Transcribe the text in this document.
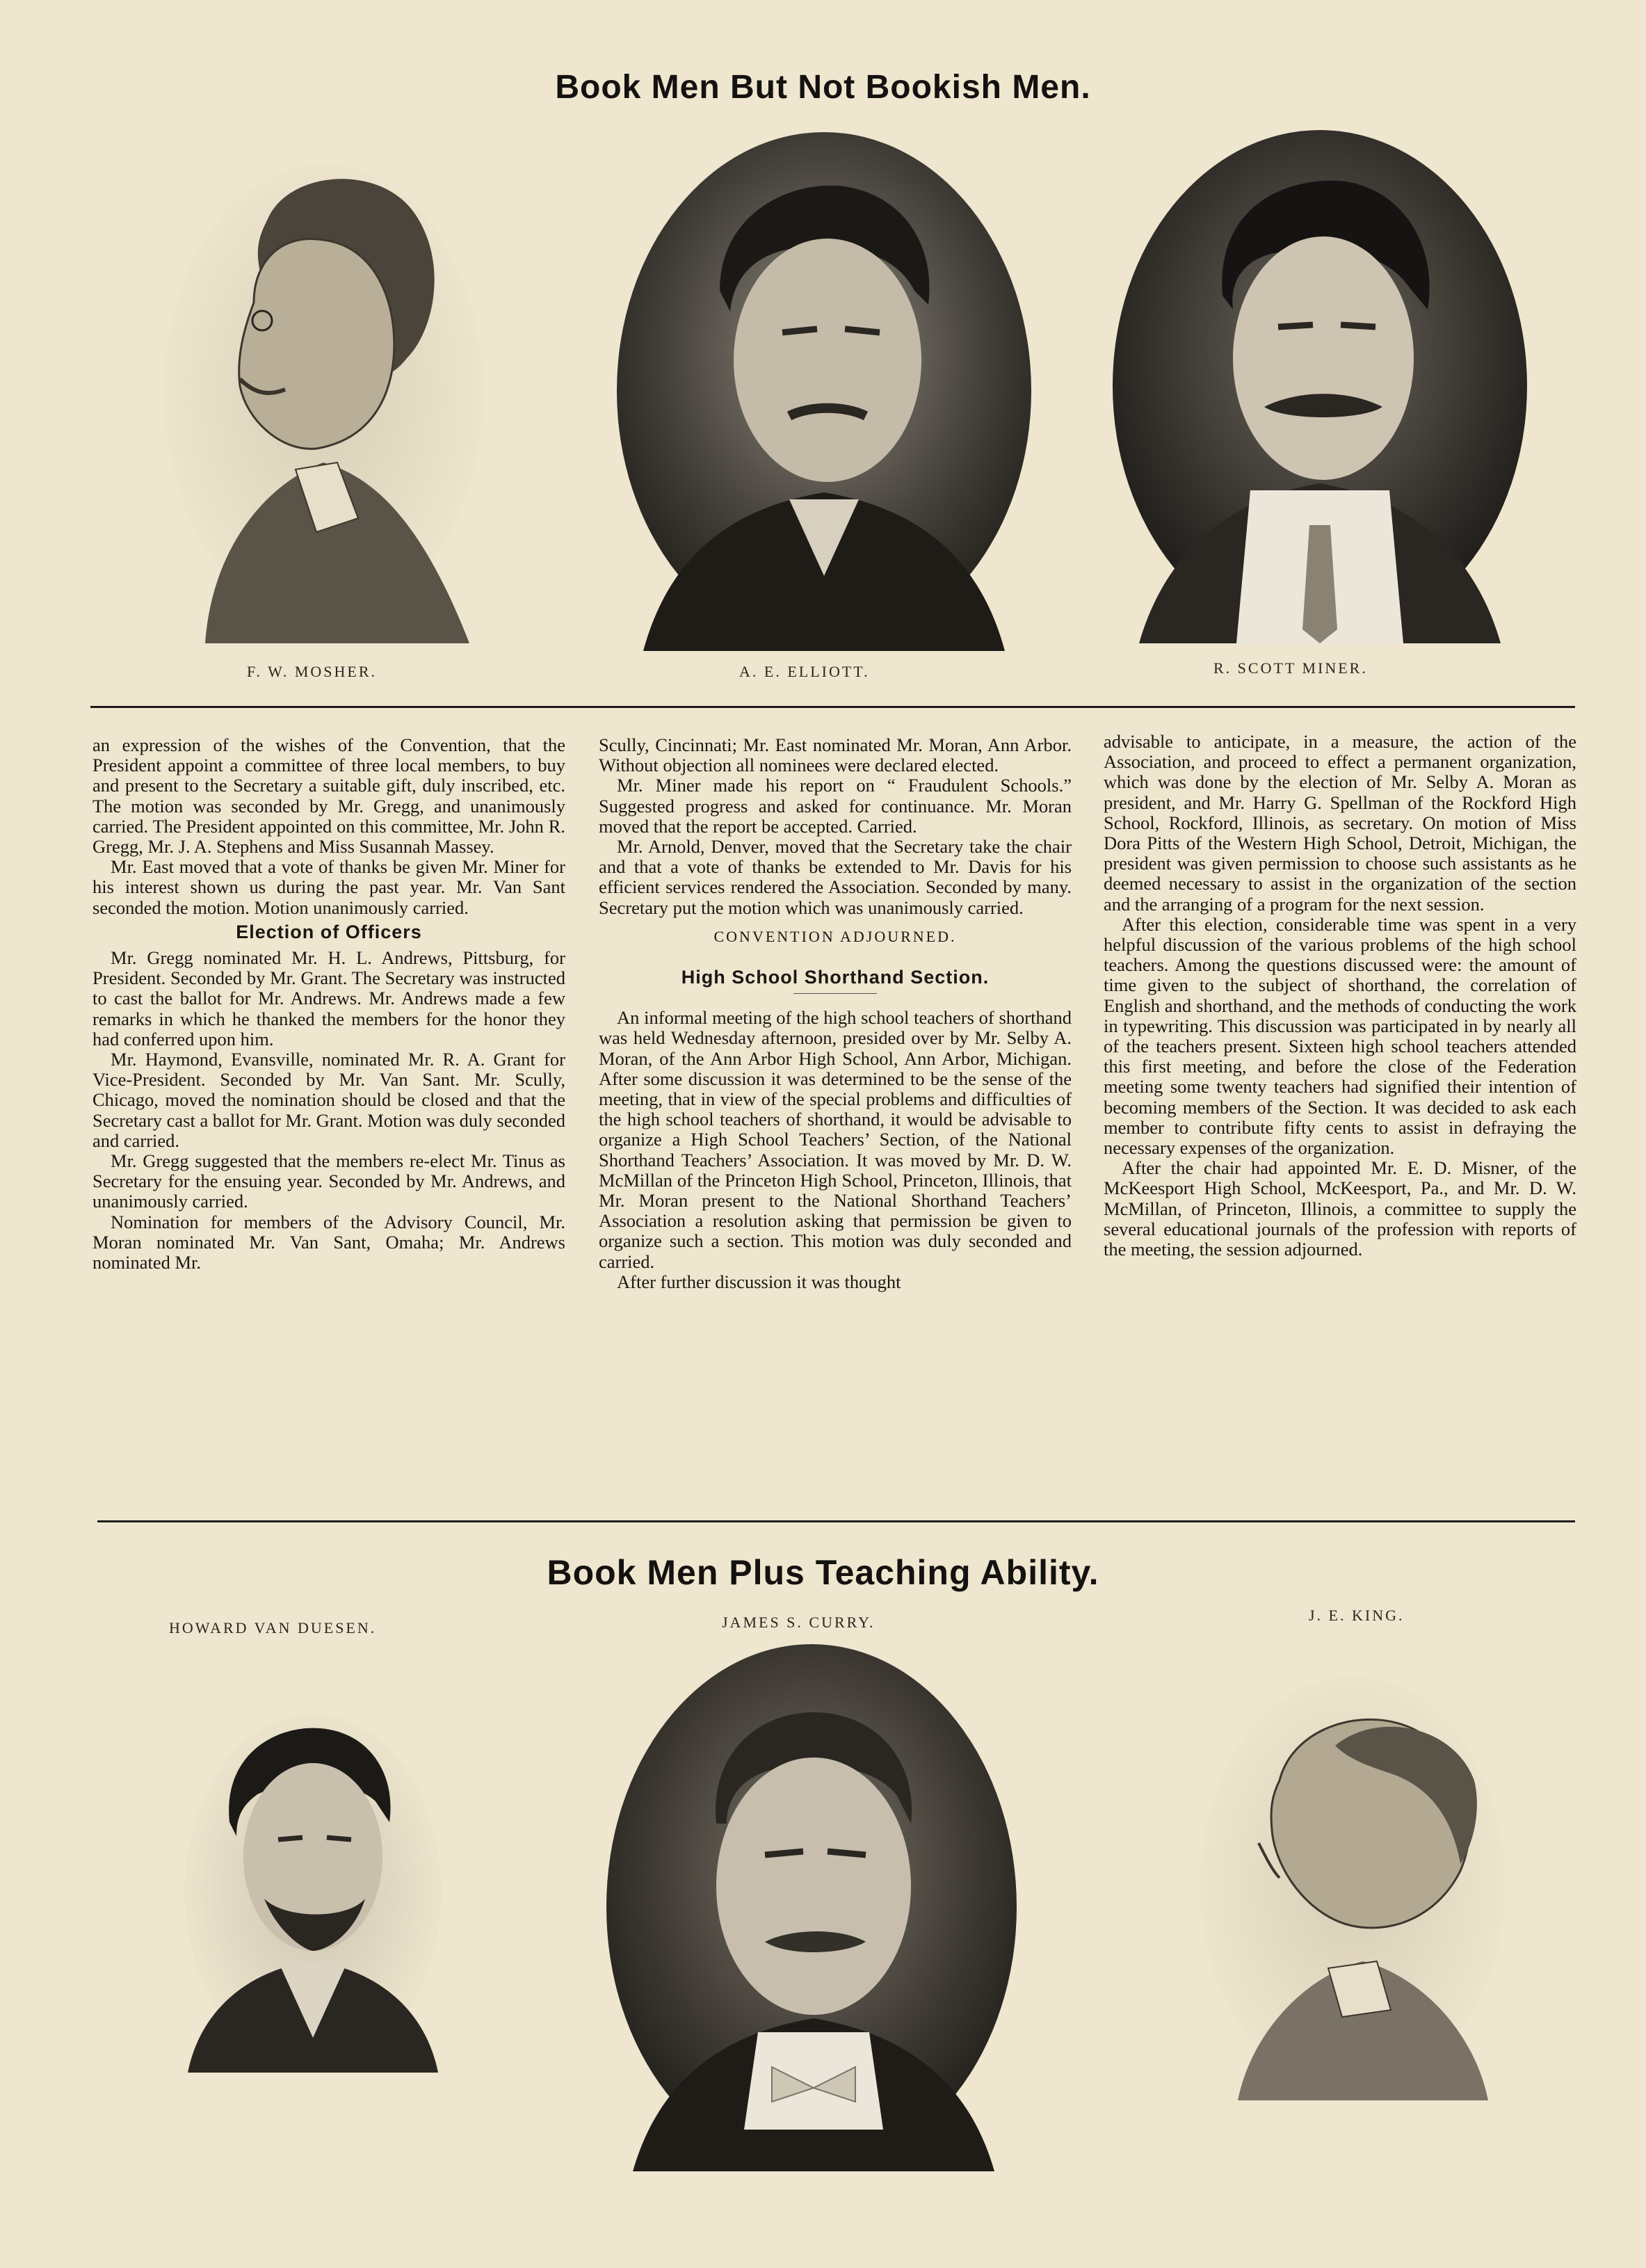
Book Men But Not Bookish Men.
F. W. MOSHER.	A. E. ELLIOTT.	R. SCOTT MINER.

an expression of the wishes of the Convention, that the President appoint a committee of three local members, to buy and present to the Secretary a suitable gift, duly inscribed, etc. The motion was seconded by Mr. Gregg, and unanimously carried. The President appointed on this committee, Mr. John R. Gregg, Mr. J. A. Stephens and Miss Susannah Massey.

Mr. East moved that a vote of thanks be given Mr. Miner for his interest shown us during the past year. Mr. Van Sant seconded the motion. Motion unanimously carried.

Election of Officers

Mr. Gregg nominated Mr. H. L. Andrews, Pittsburg, for President. Seconded by Mr. Grant. The Secretary was instructed to cast the ballot for Mr. Andrews. Mr. Andrews made a few remarks in which he thanked the members for the honor they had conferred upon him.

Mr. Haymond, Evansville, nominated Mr. R. A. Grant for Vice-President. Seconded by Mr. Van Sant. Mr. Scully, Chicago, moved the nomination should be closed and that the Secretary cast a ballot for Mr. Grant. Motion was duly seconded and carried.

Mr. Gregg suggested that the members re-elect Mr. Tinus as Secretary for the ensuing year. Seconded by Mr. Andrews, and unanimously carried.

Nomination for members of the Advisory Council, Mr. Moran nominated Mr. Van Sant, Omaha; Mr. Andrews nominated Mr.

Scully, Cincinnati; Mr. East nominated Mr. Moran, Ann Arbor. Without objection all nominees were declared elected.

Mr. Miner made his report on “ Fraudulent Schools.” Suggested progress and asked for continuance. Mr. Moran moved that the report be accepted. Carried.

Mr. Arnold, Denver, moved that the Secretary take the chair and that a vote of thanks be extended to Mr. Davis for his efficient services rendered the Association. Seconded by many. Secretary put the motion which was unanimously carried.

CONVENTION ADJOURNED.
High School Shorthand Section.

An informal meeting of the high school teachers of shorthand was held Wednesday afternoon, presided over by Mr. Selby A. Moran, of the Ann Arbor High School, Ann Arbor, Michigan. After some discussion it was determined to be the sense of the meeting, that in view of the special problems and difficulties of the high school teachers of shorthand, it would be advisable to organize a High School Teachers’ Section, of the National Shorthand Teachers’ Association. It was moved by Mr. D. W. McMillan of the Princeton High School, Princeton, Illinois, that Mr. Moran present to the National Shorthand Teachers’ Association a resolution asking that permission be given to organize such a section. This motion was duly seconded and carried.

After further discussion it was thought

advisable to anticipate, in a measure, the action of the Association, and proceed to effect a permanent organization, which was done by the election of Mr. Selby A. Moran as president, and Mr. Harry G. Spellman of the Rockford High School, Rockford, Illinois, as secretary. On motion of Miss Dora Pitts of the Western High School, Detroit, Michigan, the president was given permission to choose such assistants as he deemed necessary to assist in the organization of the section and the arranging of a program for the next session.

After this election, considerable time was spent in a very helpful discussion of the various problems of the high school teachers. Among the questions discussed were: the amount of time given to the subject of shorthand, the correlation of English and shorthand, and the methods of conducting the work in typewriting. This discussion was participated in by nearly all of the teachers present. Sixteen high school teachers attended this first meeting, and before the close of the Federation meeting some twenty teachers had signified their intention of becoming members of the Section. It was decided to ask each member to contribute fifty cents to assist in defraying the necessary expenses of the organization.

After the chair had appointed Mr. E. D. Misner, of the McKeesport High School, McKeesport, Pa., and Mr. D. W. McMillan, of Princeton, Illinois, a committee to supply the several educational journals of the profession with reports of the meeting, the session adjourned.

Book Men Plus Teaching Ability.
HOWARD VAN DUESEN.	JAMES S. CURRY.	J. E. KING.
